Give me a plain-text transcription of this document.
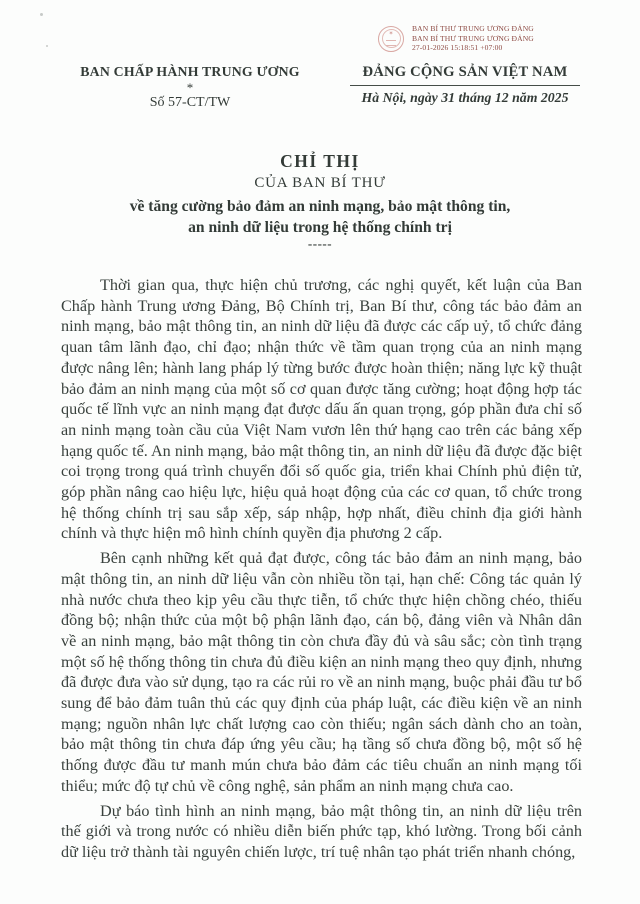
✶
BAN BÍ THƯ TRUNG ƯƠNG ĐẢNG
BAN BÍ THƯ TRUNG ƯƠNG ĐẢNG
27-01-2026 15:18:51 +07:00
BAN CHẤP HÀNH TRUNG ƯƠNG
*
Số 57-CT/TW
ĐẢNG CỘNG SẢN VIỆT NAM
Hà Nội, ngày 31 tháng 12 năm 2025
CHỈ THỊ
CỦA BAN BÍ THƯ
về tăng cường bảo đảm an ninh mạng, bảo mật thông tin,
an ninh dữ liệu trong hệ thống chính trị
-----

Thời gian qua, thực hiện chủ trương, các nghị quyết, kết luận của Ban Chấp hành Trung ương Đảng, Bộ Chính trị, Ban Bí thư, công tác bảo đảm an ninh mạng, bảo mật thông tin, an ninh dữ liệu đã được các cấp uỷ, tổ chức đảng quan tâm lãnh đạo, chỉ đạo; nhận thức về tầm quan trọng của an ninh mạng được nâng lên; hành lang pháp lý từng bước được hoàn thiện; năng lực kỹ thuật bảo đảm an ninh mạng của một số cơ quan được tăng cường; hoạt động hợp tác quốc tế lĩnh vực an ninh mạng đạt được dấu ấn quan trọng, góp phần đưa chỉ số an ninh mạng toàn cầu của Việt Nam vươn lên thứ hạng cao trên các bảng xếp hạng quốc tế. An ninh mạng, bảo mật thông tin, an ninh dữ liệu đã được đặc biệt coi trọng trong quá trình chuyển đổi số quốc gia, triển khai Chính phủ điện tử, góp phần nâng cao hiệu lực, hiệu quả hoạt động của các cơ quan, tổ chức trong hệ thống chính trị sau sắp xếp, sáp nhập, hợp nhất, điều chỉnh địa giới hành chính và thực hiện mô hình chính quyền địa phương 2 cấp.

Bên cạnh những kết quả đạt được, công tác bảo đảm an ninh mạng, bảo mật thông tin, an ninh dữ liệu vẫn còn nhiều tồn tại, hạn chế: Công tác quản lý nhà nước chưa theo kịp yêu cầu thực tiễn, tổ chức thực hiện chồng chéo, thiếu đồng bộ; nhận thức của một bộ phận lãnh đạo, cán bộ, đảng viên và Nhân dân về an ninh mạng, bảo mật thông tin còn chưa đầy đủ và sâu sắc; còn tình trạng một số hệ thống thông tin chưa đủ điều kiện an ninh mạng theo quy định, nhưng đã được đưa vào sử dụng, tạo ra các rủi ro về an ninh mạng, buộc phải đầu tư bổ sung để bảo đảm tuân thủ các quy định của pháp luật, các điều kiện về an ninh mạng; nguồn nhân lực chất lượng cao còn thiếu; ngân sách dành cho an toàn, bảo mật thông tin chưa đáp ứng yêu cầu; hạ tầng số chưa đồng bộ, một số hệ thống được đầu tư manh mún chưa bảo đảm các tiêu chuẩn an ninh mạng tối thiểu; mức độ tự chủ về công nghệ, sản phẩm an ninh mạng chưa cao.

Dự báo tình hình an ninh mạng, bảo mật thông tin, an ninh dữ liệu trên thế giới và trong nước có nhiều diễn biến phức tạp, khó lường. Trong bối cảnh dữ liệu trở thành tài nguyên chiến lược, trí tuệ nhân tạo phát triển nhanh chóng,
